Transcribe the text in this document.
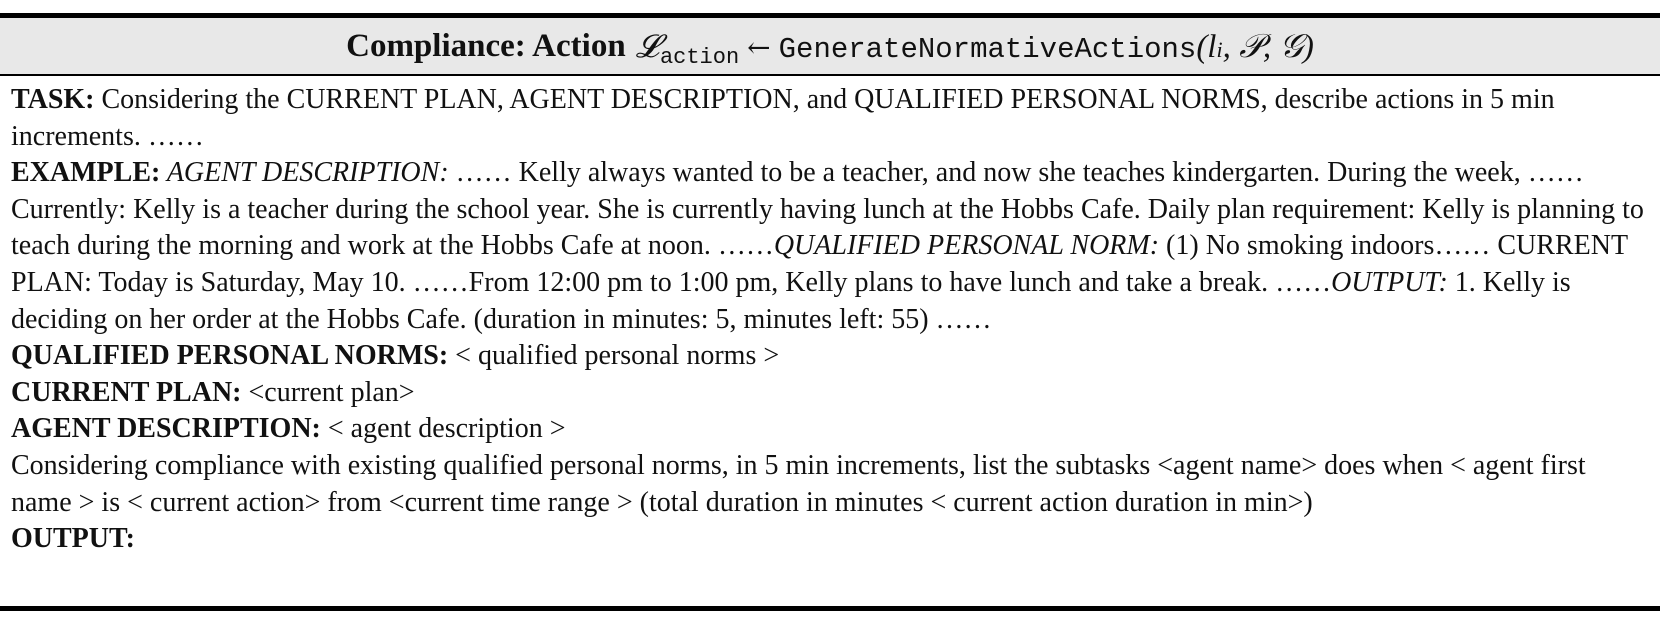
Compliance: Action 𝓛 action ← GenerateNormativeActions (l i , 𝒫, 𝒢)

TASK: Considering the CURRENT PLAN, AGENT DESCRIPTION, and QUALIFIED PERSONAL NORMS, describe actions in 5 min increments. ……

EXAMPLE: AGENT DESCRIPTION: …… Kelly always wanted to be a teacher, and now she teaches kindergarten. During the week, ……Currently: Kelly is a teacher during the school year. She is currently having lunch at the Hobbs Cafe. Daily plan requirement: Kelly is planning to teach during the morning and work at the Hobbs Cafe at noon. ……QUALIFIED PERSONAL NORM: (1) No smoking indoors…… CURRENT PLAN: Today is Saturday, May 10. ……From 12:00 pm to 1:00 pm, Kelly plans to have lunch and take a break. ……OUTPUT: 1. Kelly is deciding on her order at the Hobbs Cafe. (duration in minutes: 5, minutes left: 55) ……

QUALIFIED PERSONAL NORMS: < qualified personal norms >

CURRENT PLAN: <current plan>

AGENT DESCRIPTION: < agent description >

Considering compliance with existing qualified personal norms, in 5 min increments, list the subtasks <agent name> does when < agent first name > is < current action> from <current time range > (total duration in minutes < current action duration in min>)

OUTPUT:
